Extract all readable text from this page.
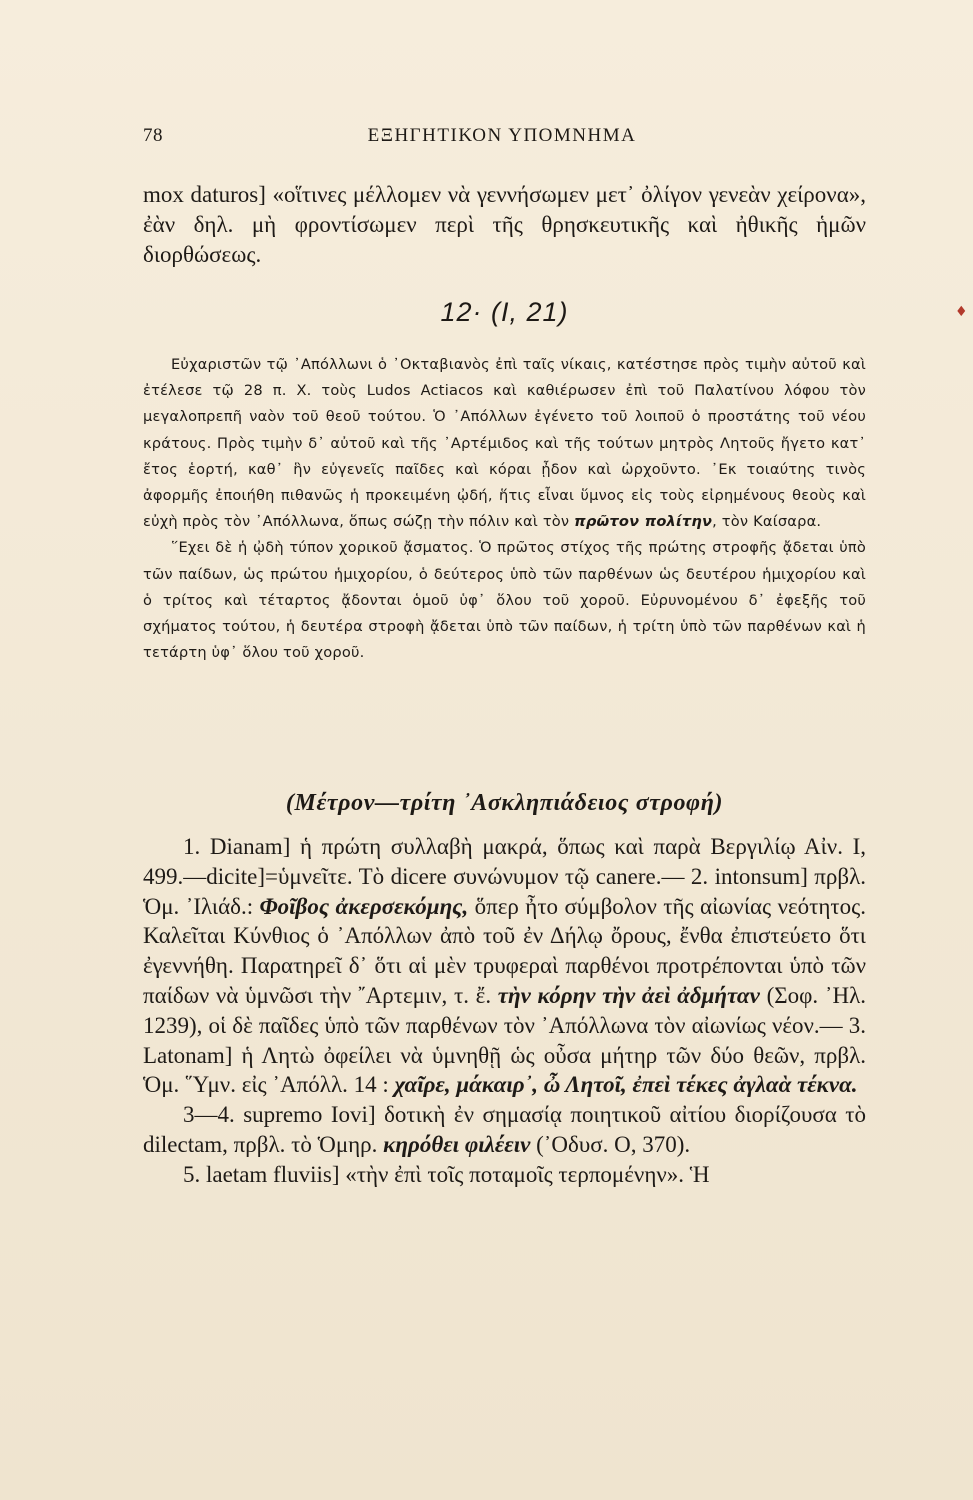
78	ΕΞΗΓΗΤΙΚΟΝ ΥΠΟΜΝΗΜΑ

mox daturos] «οἵτινες μέλλομεν νὰ γεννήσωμεν μετ᾽ ὀλίγον γενεὰν χείρονα», ἐὰν δηλ. μὴ φροντίσωμεν περὶ τῆς θρησκευτικῆς καὶ ἠθικῆς ἡμῶν διορθώσεως.

12· (I, 21)	♦

Εὐχαριστῶν τῷ ᾽Απόλλωνι ὁ ᾽Οκταβιανὸς ἐπὶ ταῖς νίκαις, κατέστησε πρὸς τιμὴν αὐτοῦ καὶ ἐτέλεσε τῷ 28 π. Χ. τοὺς Ludos Actiacos καὶ καθιέρωσεν ἐπὶ τοῦ Παλατίνου λόφου τὸν μεγαλοπρεπῆ ναὸν τοῦ θεοῦ τούτου. Ὁ ᾽Απόλλων ἐγένετο τοῦ λοιποῦ ὁ προστάτης τοῦ νέου κράτους. Πρὸς τιμὴν δ᾽ αὐτοῦ καὶ τῆς ᾽Αρτέμιδος καὶ τῆς τούτων μητρὸς Λητοῦς ἤγετο κατ᾽ ἔτος ἑορτή, καθ᾽ ἣν εὐγενεῖς παῖδες καὶ κόραι ᾖδον καὶ ὠρχοῦντο. ᾽Εκ τοιαύτης τινὸς ἀφορμῆς ἐποιήθη πιθανῶς ἡ προκειμένη ᾠδή, ἥτις εἶναι ὕμνος εἰς τοὺς εἰρημένους θεοὺς καὶ εὐχὴ πρὸς τὸν ᾽Απόλλωνα, ὅπως σώζῃ τὴν πόλιν καὶ τὸν πρῶτον πολίτην, τὸν Καίσαρα.

῞Εχει δὲ ἡ ᾠδὴ τύπον χορικοῦ ᾄσματος. Ὁ πρῶτος στίχος τῆς πρώτης στροφῆς ᾄδεται ὑπὸ τῶν παίδων, ὡς πρώτου ἡμιχορίου, ὁ δεύτερος ὑπὸ τῶν παρθένων ὡς δευτέρου ἡμιχορίου καὶ ὁ τρίτος καὶ τέταρτος ᾄδονται ὁμοῦ ὑφ᾽ ὅλου τοῦ χοροῦ. Εὐρυνομένου δ᾽ ἐφεξῆς τοῦ σχήματος τούτου, ἡ δευτέρα στροφὴ ᾄδεται ὑπὸ τῶν παίδων, ἡ τρίτη ὑπὸ τῶν παρθένων καὶ ἡ τετάρτη ὑφ᾽ ὅλου τοῦ χοροῦ.

(Μέτρον—τρίτη ᾽Ασκληπιάδειος στροφή)

1. Dianam] ἡ πρώτη συλλαβὴ μακρά, ὅπως καὶ παρὰ Βεργιλίῳ Αἰν. I, 499.—dicite]=ὑμνεῖτε. Τὸ dicere συνώνυμον τῷ canere.— 2. intonsum] πρβλ. Ὁμ. ᾽Ιλιάδ.: Φοῖβος ἀκερσεκόμης, ὅπερ ἦτο σύμβολον τῆς αἰωνίας νεότητος. Καλεῖται Κύνθιος ὁ ᾽Απόλλων ἀπὸ τοῦ ἐν Δήλῳ ὄρους, ἔνθα ἐπιστεύετο ὅτι ἐγεννήθη. Παρατηρεῖ δ᾽ ὅτι αἱ μὲν τρυφεραὶ παρθένοι προτρέπονται ὑπὸ τῶν παίδων νὰ ὑμνῶσι τὴν ῎Αρτεμιν, τ. ἔ. τὴν κόρην τὴν ἀεὶ ἀδμήταν (Σοφ. ᾽Ηλ. 1239), οἱ δὲ παῖδες ὑπὸ τῶν παρθένων τὸν ᾽Απόλλωνα τὸν αἰωνίως νέον.— 3. Latonam] ἡ Λητὼ ὀφείλει νὰ ὑμνηθῇ ὡς οὖσα μήτηρ τῶν δύο θεῶν, πρβλ. Ὁμ. ῞Υμν. εἰς ᾽Απόλλ. 14 : χαῖρε, μάκαιρ᾽, ὦ Λητοῖ, ἐπεὶ τέκες ἀγλαὰ τέκνα.

3—4. supremo Iovi] δοτικὴ ἐν σημασίᾳ ποιητικοῦ αἰτίου διορίζουσα τὸ dilectam, πρβλ. τὸ Ὁμηρ. κηρόθει φιλέειν (᾽Οδυσ. Ο, 370).

5. laetam fluviis] «τὴν ἐπὶ τοῖς ποταμοῖς τερπομένην». Ἡ
